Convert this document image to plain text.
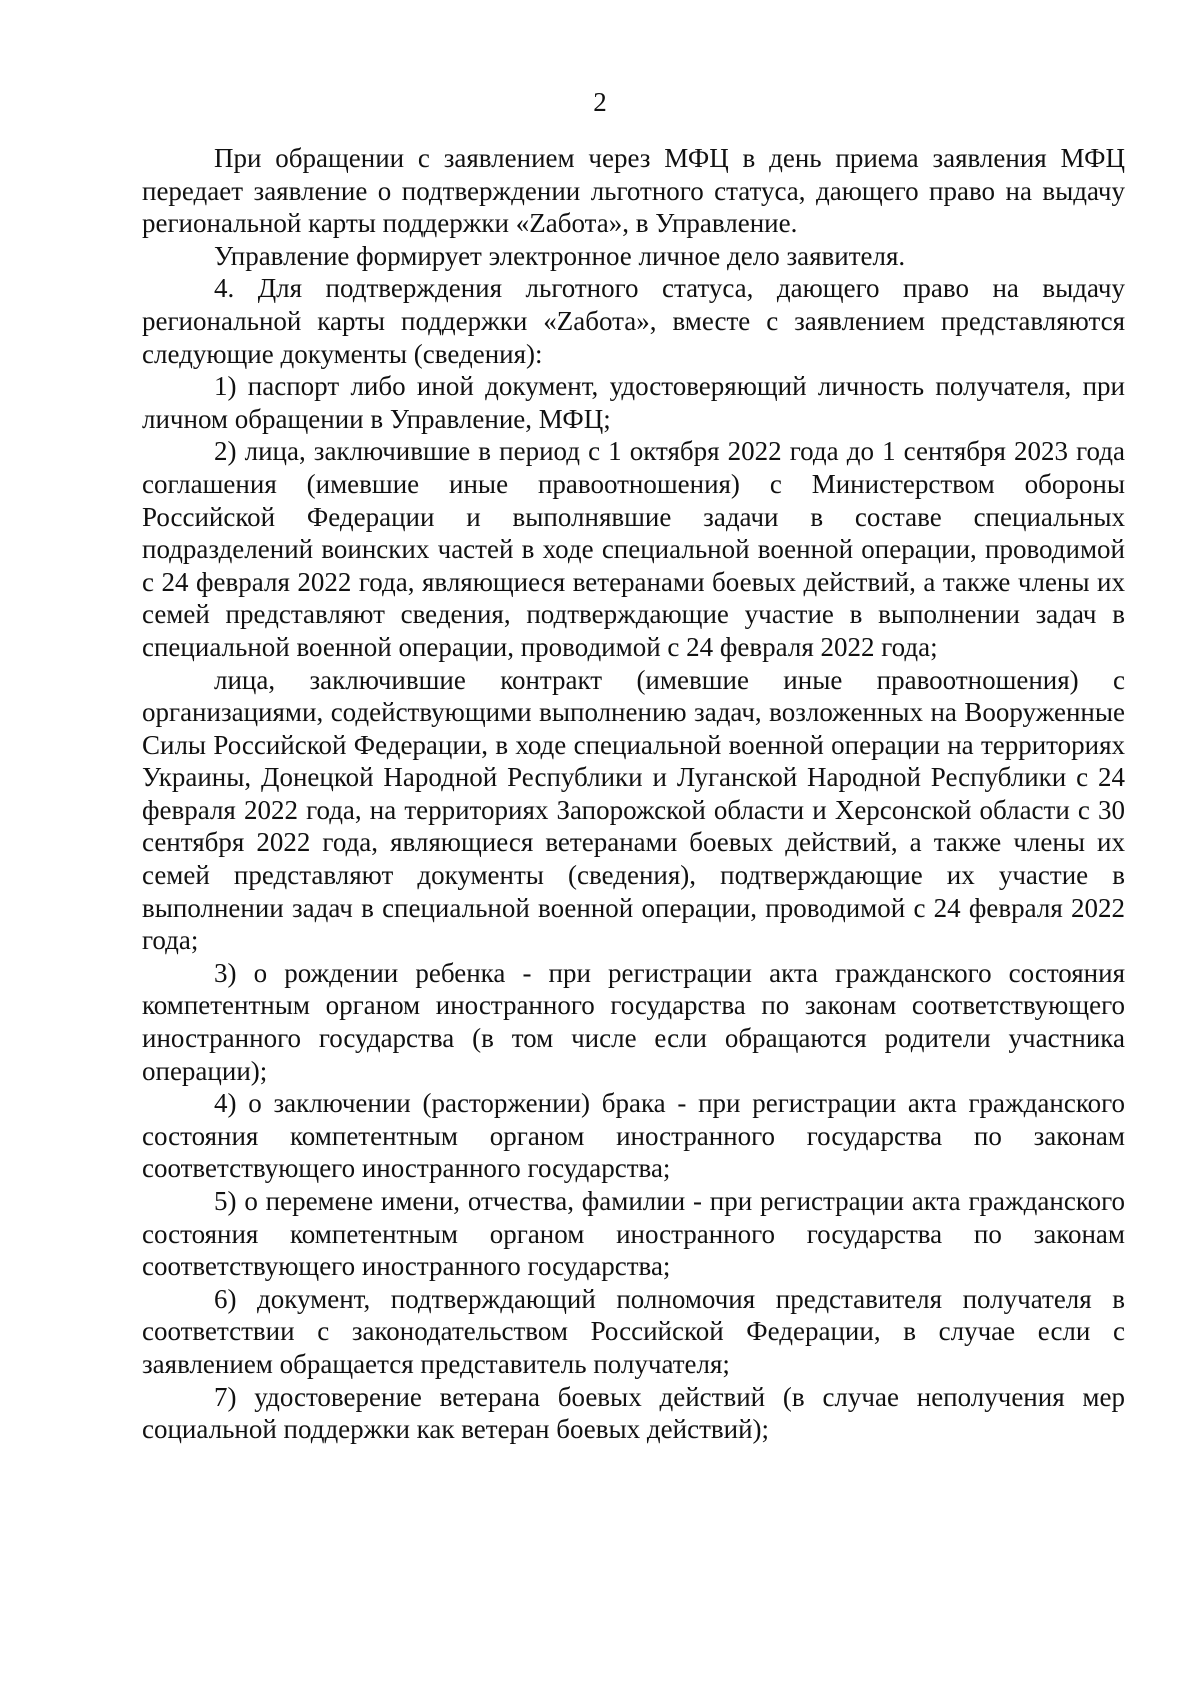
2

При обращении с заявлением через МФЦ в день приема заявления МФЦ передает заявление о подтверждении льготного статуса, дающего право на выдачу региональной карты поддержки «Zабота», в Управление.

Управление формирует электронное личное дело заявителя.

4. Для подтверждения льготного статуса, дающего право на выдачу региональной карты поддержки «Zабота», вместе с заявлением представляются следующие документы (сведения):

1) паспорт либо иной документ, удостоверяющий личность получателя, при личном обращении в Управление, МФЦ;

2) лица, заключившие в период с 1 октября 2022 года до 1 сентября 2023 года соглашения (имевшие иные правоотношения) с Министерством обороны Российской Федерации и выполнявшие задачи в составе специальных подразделений воинских частей в ходе специальной военной операции, проводимой с 24 февраля 2022 года, являющиеся ветеранами боевых действий, а также члены их семей представляют сведения, подтверждающие участие в выполнении задач в специальной военной операции, проводимой с 24 февраля 2022 года;

лица, заключившие контракт (имевшие иные правоотношения) с организациями, содействующими выполнению задач, возложенных на Вооруженные Силы Российской Федерации, в ходе специальной военной операции на территориях Украины, Донецкой Народной Республики и Луганской Народной Республики с 24 февраля 2022 года, на территориях Запорожской области и Херсонской области с 30 сентября 2022 года, являющиеся ветеранами боевых действий, а также члены их семей представляют документы (сведения), подтверждающие их участие в выполнении задач в специальной военной операции, проводимой с 24 февраля 2022 года;

3) о рождении ребенка - при регистрации акта гражданского состояния компетентным органом иностранного государства по законам соответствующего иностранного государства (в том числе если обращаются родители участника операции);

4) о заключении (расторжении) брака - при регистрации акта гражданского состояния компетентным органом иностранного государства по законам соответствующего иностранного государства;

5) о перемене имени, отчества, фамилии - при регистрации акта гражданского состояния компетентным органом иностранного государства по законам соответствующего иностранного государства;

6) документ, подтверждающий полномочия представителя получателя в соответствии с законодательством Российской Федерации, в случае если с заявлением обращается представитель получателя;

7) удостоверение ветерана боевых действий (в случае неполучения мер социальной поддержки как ветеран боевых действий);
